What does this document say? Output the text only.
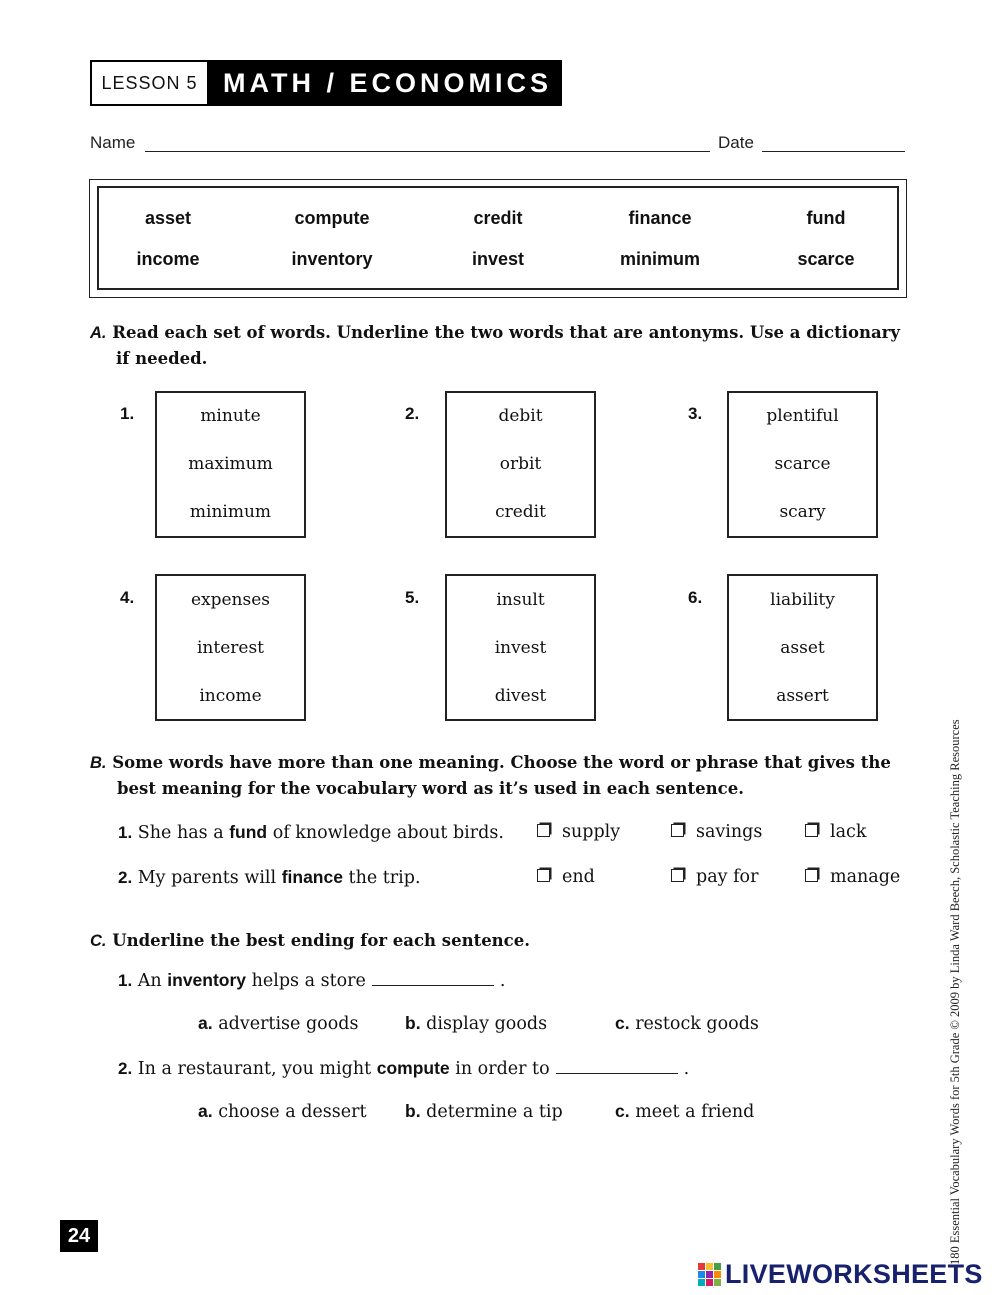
LESSON 5 MATH / ECONOMICS
Name	Date
asset	compute	credit	finance	fund
income	inventory	invest	minimum	scarce
A. Read each set of words. Underline the two words that are antonyms. Use a dictionary
if needed.
1.	minute
maximum
minimum
2.	debit
orbit
credit
3.	plentiful
scarce
scary
4.	expenses
interest
income
5.	insult
invest
divest
6.	liability
asset
assert
B. Some words have more than one meaning. Choose the word or phrase that gives the
best meaning for the vocabulary word as it’s used in each sentence.
1. She has a fund of knowledge about birds.	supply	savings	lack
2. My parents will finance the trip.	end	pay for	manage
C. Underline the best ending for each sentence.
1. An inventory helps a store	.
a. advertise goods	b. display goods	c. restock goods
2. In a restaurant, you might compute in order to	.
a. choose a dessert b. determine a tip	c. meet a friend
24	180 Essential Vocabulary Words for 5th Grade © 2009 by Linda Ward Beech, Scholastic Teaching Resources
LIVEWORKSHEETS
